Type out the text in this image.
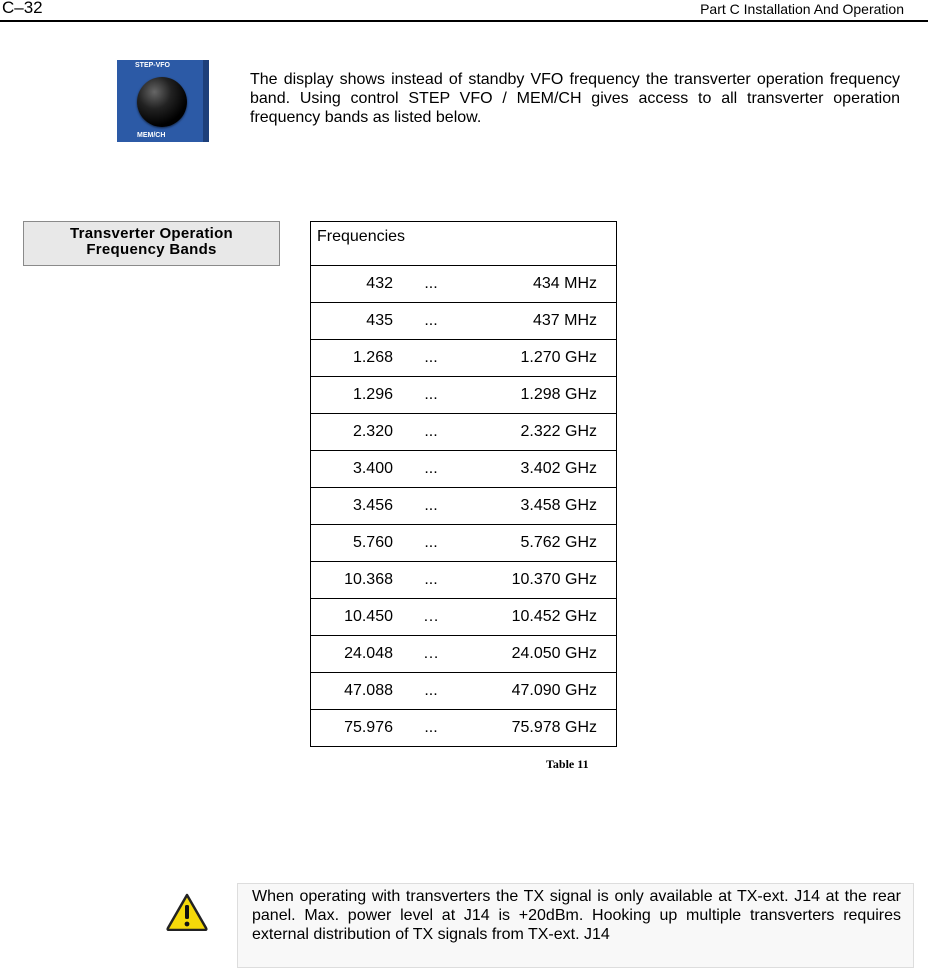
C–32	Part C Installation And Operation
STEP-VFO
MEM/CH
The display shows instead of standby VFO frequency the transverter operation frequency band. Using control STEP VFO / MEM/CH gives access to all transverter operation frequency bands as listed below.
Transverter Operation
Frequency Bands
Frequencies

432	...	434 MHz

435	...	437 MHz

1.268	...	1.270 GHz

1.296	...	1.298 GHz

2.320	...	2.322 GHz

3.400	...	3.402 GHz

3.456	...	3.458 GHz

5.760	...	5.762 GHz

10.368	...	10.370 GHz

10.450	…	10.452 GHz

24.048	…	24.050 GHz

47.088	...	47.090 GHz

75.976	...	75.978 GHz
Table 11
When operating with transverters the TX signal is only available at TX-ext. J14 at the rear panel. Max. power level at J14 is +20dBm. Hooking up multiple transverters requires external distribution of TX signals from TX-ext. J14
